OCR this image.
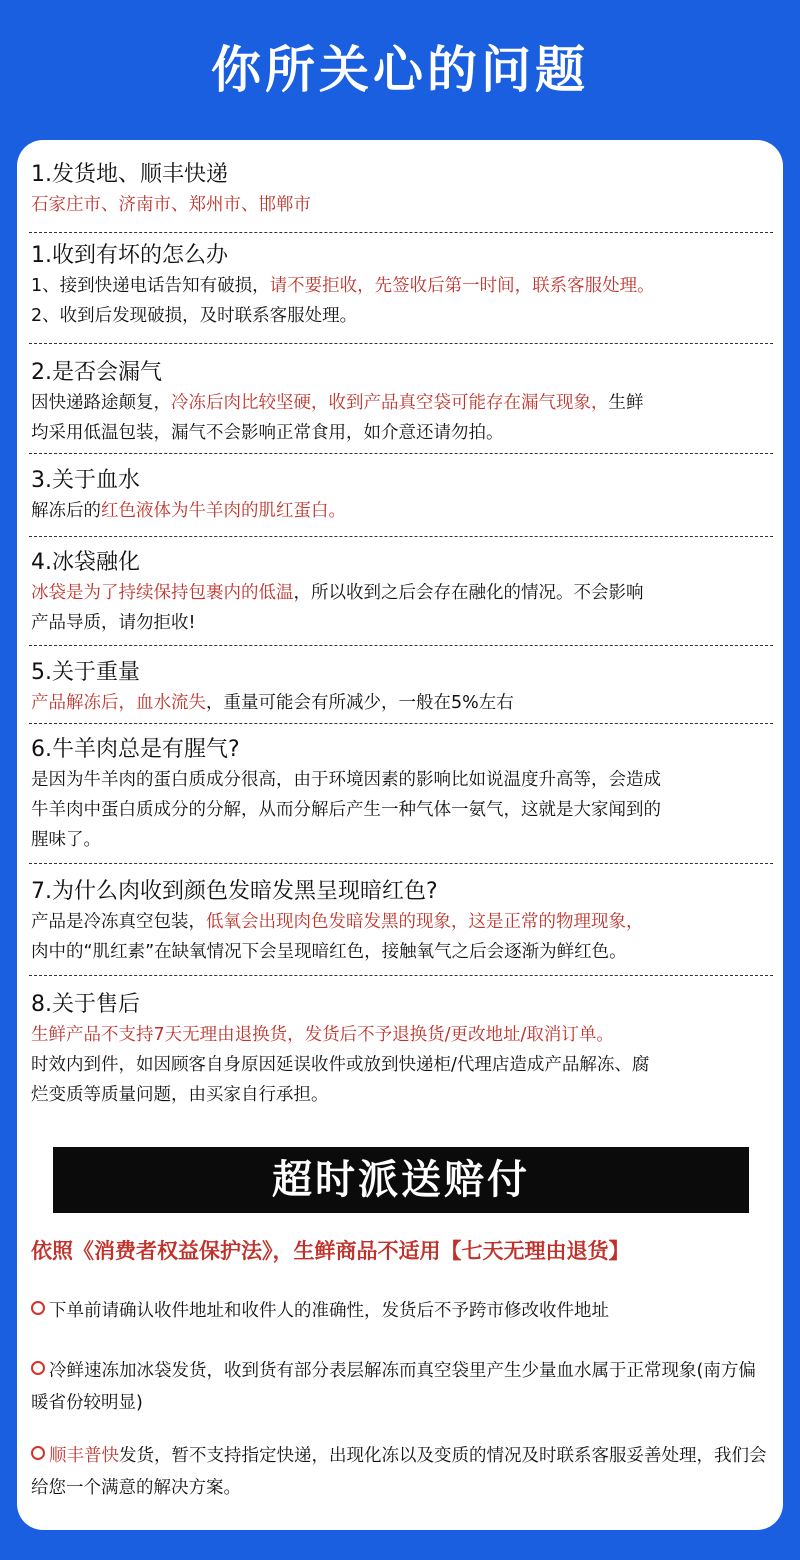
你所关心的问题
1.发货地、顺丰快递
石家庄市、济南市、郑州市、邯郸市
1.收到有坏的怎么办
1、接到快递电话告知有破损，请不要拒收，先签收后第一时间，联系客服处理。
2、收到后发现破损，及时联系客服处理。
2.是否会漏气
因快递路途颠复，冷冻后肉比较坚硬，收到产品真空袋可能存在漏气现象，生鲜
均采用低温包装，漏气不会影响正常食用，如介意还请勿拍。
3.关于血水
解冻后的红色液体为牛羊肉的肌红蛋白。
4.冰袋融化
冰袋是为了持续保持包裹内的低温，所以收到之后会存在融化的情况。不会影响
产品导质，请勿拒收!
5.关于重量
产品解冻后，血水流失，重量可能会有所减少，一般在5%左右
6.牛羊肉总是有腥气?
是因为牛羊肉的蛋白质成分很高，由于环境因素的影响比如说温度升高等，会造成
牛羊肉中蛋白质成分的分解，从而分解后产生一种气体一氨气，这就是大家闻到的
腥味了。
7.为什么肉收到颜色发暗发黑呈现暗红色?
产品是冷冻真空包装，低氧会出现肉色发暗发黑的现象，这是正常的物理现象，
肉中的“肌红素”在缺氧情况下会呈现暗红色，接触氧气之后会逐渐为鲜红色。
8.关于售后
生鲜产品不支持7天无理由退换货，发货后不予退换货/更改地址/取消订单。
时效内到件，如因顾客自身原因延误收件或放到快递柜/代理店造成产品解冻、腐
烂变质等质量问题，由买家自行承担。
超时派送赔付
依照《消费者权益保护法》，生鲜商品不适用【七天无理由退货】
下单前请确认收件地址和收件人的准确性，发货后不予跨市修改收件地址
冷鲜速冻加冰袋发货，收到货有部分表层解冻而真空袋里产生少量血水属于正常现象(南方偏暖省份较明显)
顺丰普快发货，暂不支持指定快递，出现化冻以及变质的情况及时联系客服妥善处理，我们会给您一个满意的解决方案。
